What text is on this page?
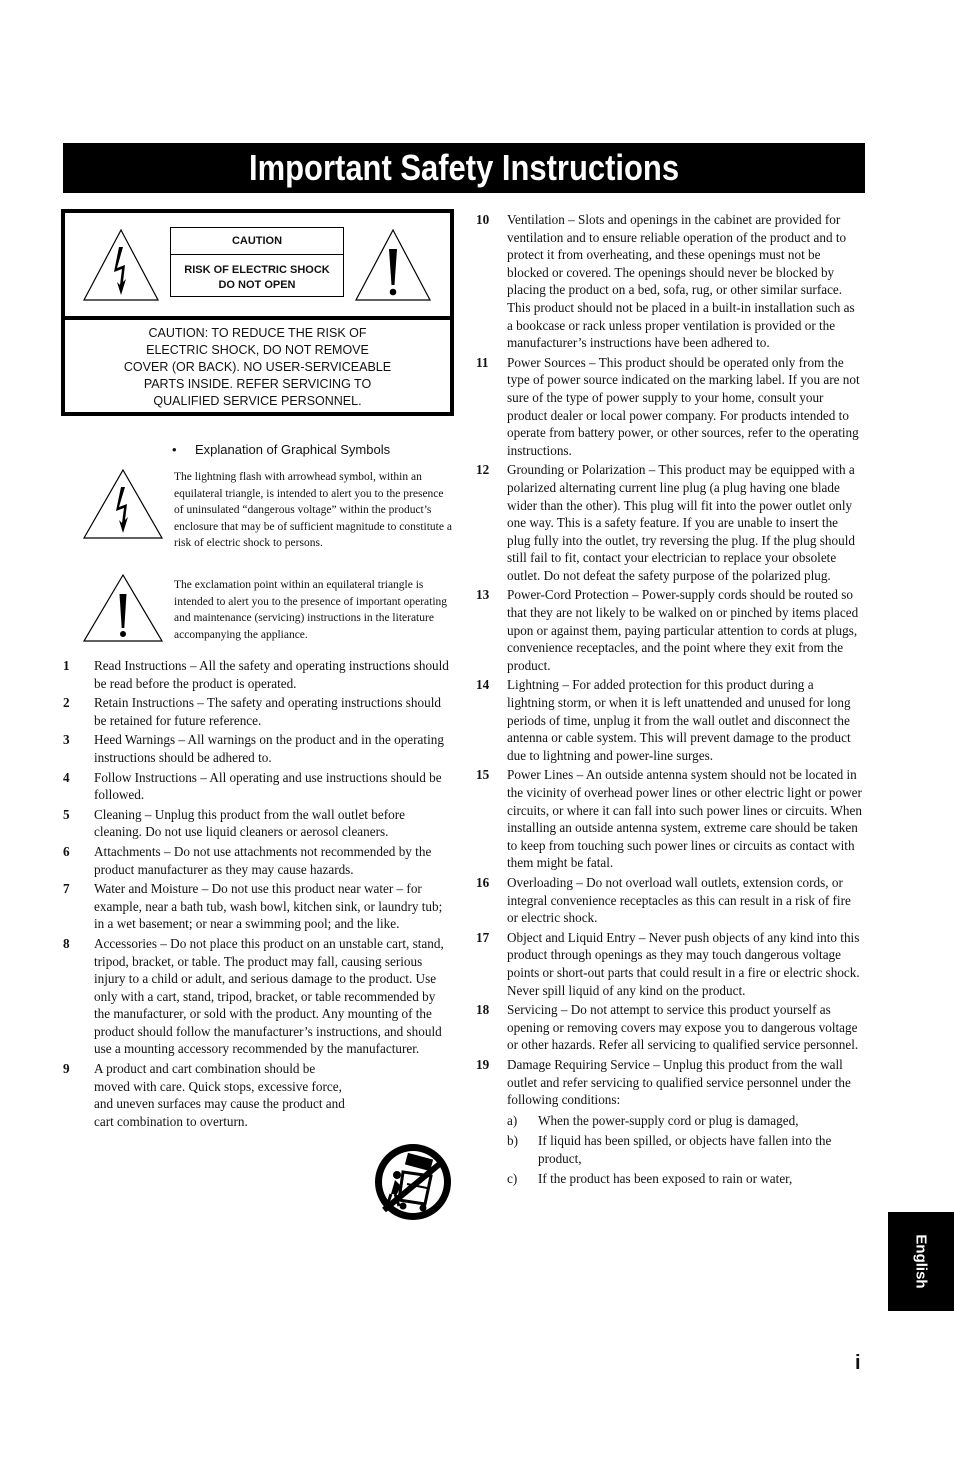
Important Safety Instructions
CAUTION
RISK OF ELECTRIC SHOCK
DO NOT OPEN
CAUTION: TO REDUCE THE RISK OF
ELECTRIC SHOCK, DO NOT REMOVE
COVER (OR BACK). NO USER-SERVICEABLE
PARTS INSIDE. REFER SERVICING TO
QUALIFIED SERVICE PERSONNEL.
• Explanation of Graphical Symbols
The lightning flash with arrowhead symbol, within an equilateral triangle, is intended to alert you to the presence of uninsulated “dangerous voltage” within the product’s enclosure that may be of sufficient magnitude to constitute a risk of electric shock to persons.
The exclamation point within an equilateral triangle is intended to alert you to the presence of important operating and maintenance (servicing) instructions in the literature accompanying the appliance.
1 Read Instructions – All the safety and operating instructions should be read before the product is operated.
2 Retain Instructions – The safety and operating instructions should be retained for future reference.
3 Heed Warnings – All warnings on the product and in the operating instructions should be adhered to.
4 Follow Instructions – All operating and use instructions should be followed.
5 Cleaning – Unplug this product from the wall outlet before cleaning. Do not use liquid cleaners or aerosol cleaners.
6 Attachments – Do not use attachments not recommended by the product manufacturer as they may cause hazards.
7 Water and Moisture – Do not use this product near water – for example, near a bath tub, wash bowl, kitchen sink, or laundry tub; in a wet basement; or near a swimming pool; and the like.
8 Accessories – Do not place this product on an unstable cart, stand, tripod, bracket, or table. The product may fall, causing serious injury to a child or adult, and serious damage to the product. Use only with a cart, stand, tripod, bracket, or table recommended by the manufacturer, or sold with the product. Any mounting of the product should follow the manufacturer’s instructions, and should use a mounting accessory recommended by the manufacturer.
9 A product and cart combination should be moved with care. Quick stops, excessive force, and uneven surfaces may cause the product and cart combination to overturn.
10 Ventilation – Slots and openings in the cabinet are provided for ventilation and to ensure reliable operation of the product and to protect it from overheating, and these openings must not be blocked or covered. The openings should never be blocked by placing the product on a bed, sofa, rug, or other similar surface. This product should not be placed in a built-in installation such as a bookcase or rack unless proper ventilation is provided or the manufacturer’s instructions have been adhered to.
11 Power Sources – This product should be operated only from the type of power source indicated on the marking label. If you are not sure of the type of power supply to your home, consult your product dealer or local power company. For products intended to operate from battery power, or other sources, refer to the operating instructions.
12 Grounding or Polarization – This product may be equipped with a polarized alternating current line plug (a plug having one blade wider than the other). This plug will fit into the power outlet only one way. This is a safety feature. If you are unable to insert the plug fully into the outlet, try reversing the plug. If the plug should still fail to fit, contact your electrician to replace your obsolete outlet. Do not defeat the safety purpose of the polarized plug.
13 Power-Cord Protection – Power-supply cords should be routed so that they are not likely to be walked on or pinched by items placed upon or against them, paying particular attention to cords at plugs, convenience receptacles, and the point where they exit from the product.
14 Lightning – For added protection for this product during a lightning storm, or when it is left unattended and unused for long periods of time, unplug it from the wall outlet and disconnect the antenna or cable system. This will prevent damage to the product due to lightning and power-line surges.
15 Power Lines – An outside antenna system should not be located in the vicinity of overhead power lines or other electric light or power circuits, or where it can fall into such power lines or circuits. When installing an outside antenna system, extreme care should be taken to keep from touching such power lines or circuits as contact with them might be fatal.
16 Overloading – Do not overload wall outlets, extension cords, or integral convenience receptacles as this can result in a risk of fire or electric shock.
17 Object and Liquid Entry – Never push objects of any kind into this product through openings as they may touch dangerous voltage points or short-out parts that could result in a fire or electric shock. Never spill liquid of any kind on the product.
18 Servicing – Do not attempt to service this product yourself as opening or removing covers may expose you to dangerous voltage or other hazards. Refer all servicing to qualified service personnel.
19 Damage Requiring Service – Unplug this product from the wall outlet and refer servicing to qualified service personnel under the following conditions:
a) When the power-supply cord or plug is damaged,
b) If liquid has been spilled, or objects have fallen into the product,
c) If the product has been exposed to rain or water,
English
i
